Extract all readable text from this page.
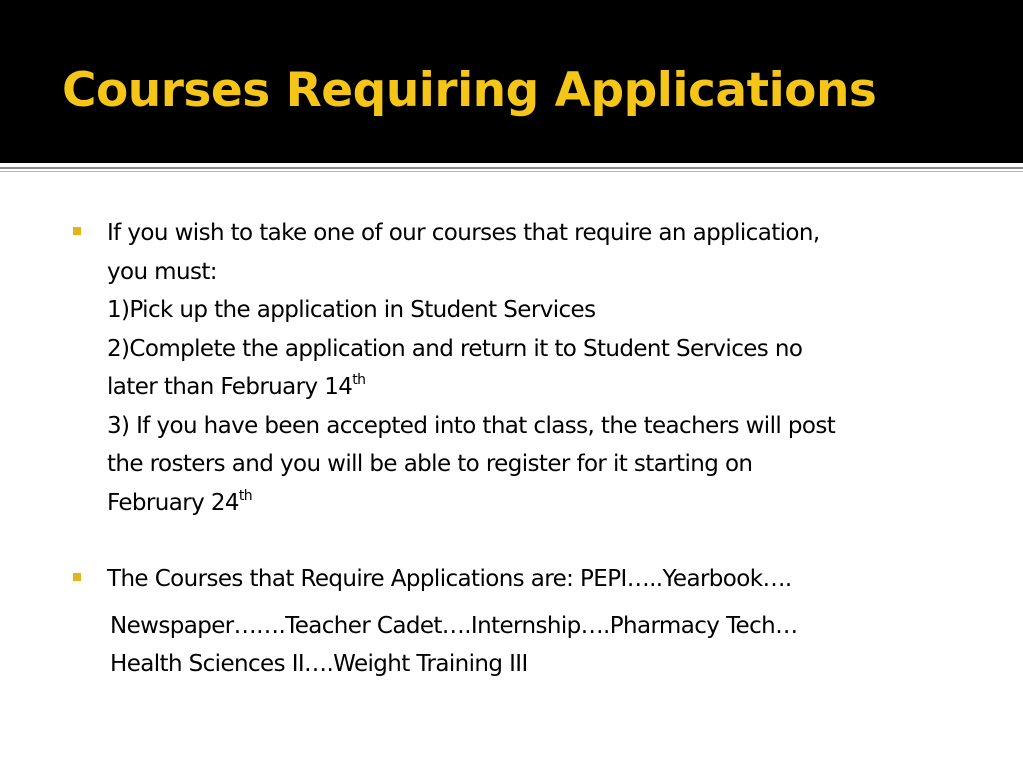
Courses Requiring Applications
If you wish to take one of our courses that require an application,
you must:
1)Pick up the application in Student Services
2)Complete the application and return it to Student Services no
later than February 14th
3) If you have been accepted into that class, the teachers will post
the rosters and you will be able to register for it starting on
February 24th
The Courses that Require Applications are: PEPI…..Yearbook….
Newspaper…….Teacher Cadet….Internship….Pharmacy Tech…
Health Sciences II….Weight Training III
